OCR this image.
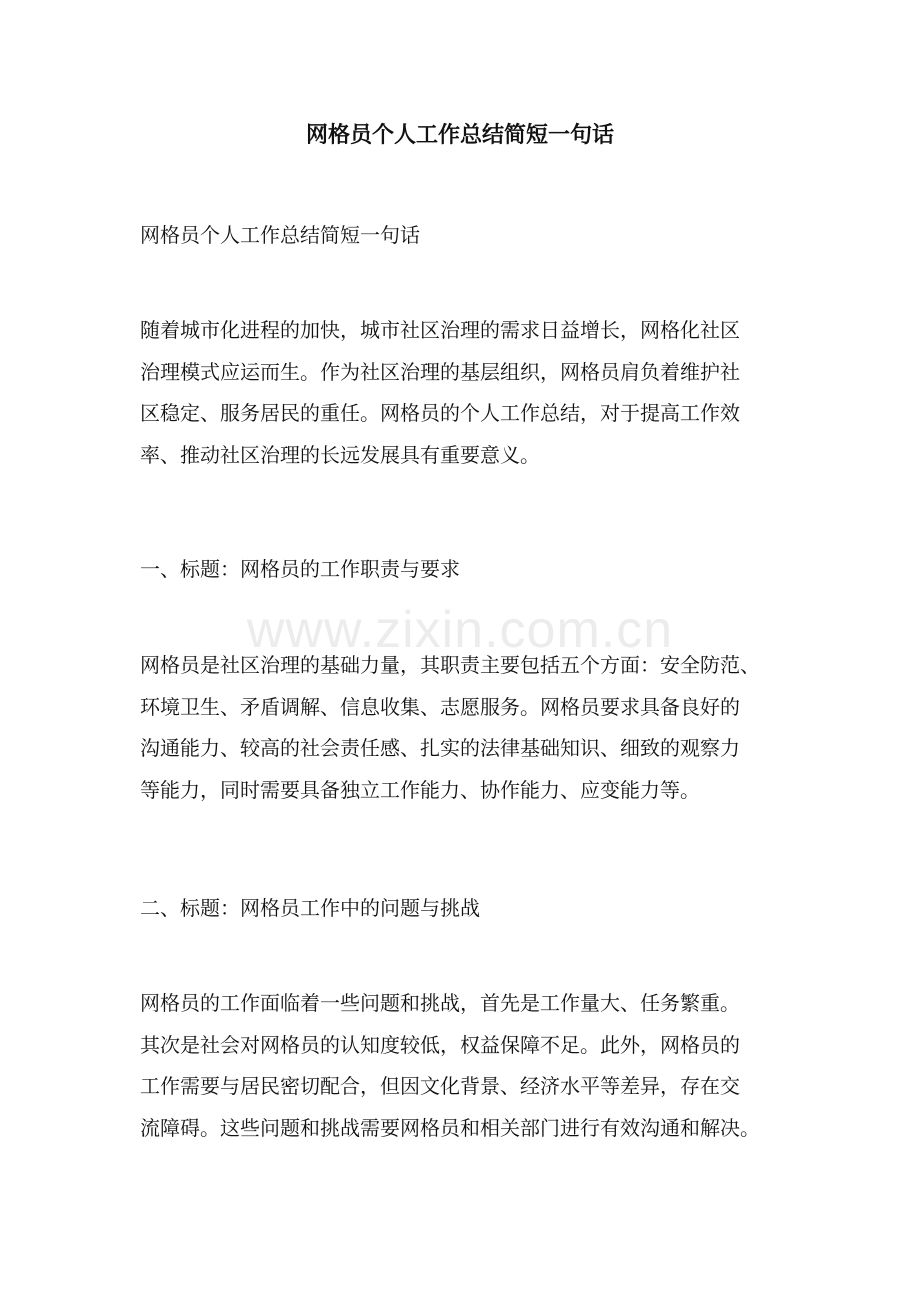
网格员个人工作总结简短一句话

网格员个人工作总结简短一句话

随着城市化进程的加快，城市社区治理的需求日益增长，网格化社区
治理模式应运而生。作为社区治理的基层组织，网格员肩负着维护社
区稳定、服务居民的重任。网格员的个人工作总结，对于提高工作效
率、推动社区治理的长远发展具有重要意义。

一、标题：网格员的工作职责与要求

网格员是社区治理的基础力量，其职责主要包括五个方面：安全防范、
环境卫生、矛盾调解、信息收集、志愿服务。网格员要求具备良好的
沟通能力、较高的社会责任感、扎实的法律基础知识、细致的观察力
等能力，同时需要具备独立工作能力、协作能力、应变能力等。

二、标题：网格员工作中的问题与挑战

网格员的工作面临着一些问题和挑战，首先是工作量大、任务繁重。
其次是社会对网格员的认知度较低，权益保障不足。此外，网格员的
工作需要与居民密切配合，但因文化背景、经济水平等差异，存在交
流障碍。这些问题和挑战需要网格员和相关部门进行有效沟通和解决。

www.zixin.com.cn
